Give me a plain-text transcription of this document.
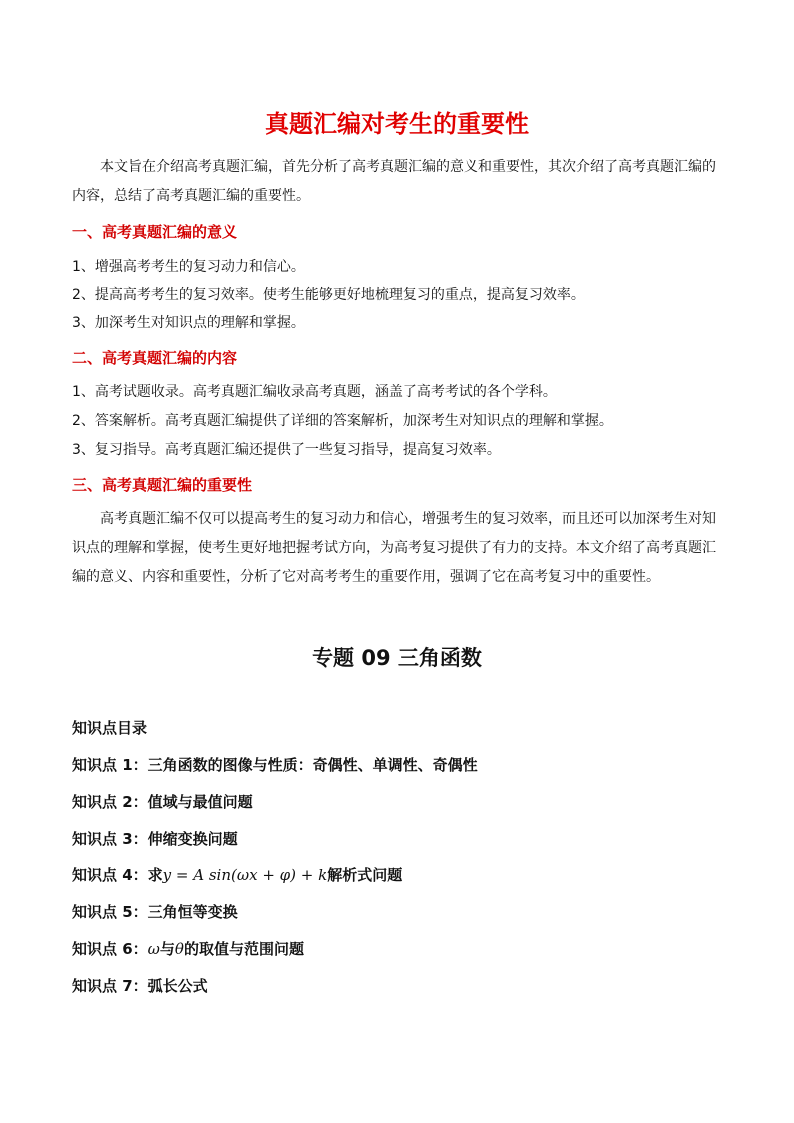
真题汇编对考生的重要性

本文旨在介绍高考真题汇编，首先分析了高考真题汇编的意义和重要性，其次介绍了高考真题汇编的内容，总结了高考真题汇编的重要性。

一、高考真题汇编的意义
1、增强高考考生的复习动力和信心。
2、提高高考考生的复习效率。使考生能够更好地梳理复习的重点，提高复习效率。
3、加深考生对知识点的理解和掌握。
二、高考真题汇编的内容
1、高考试题收录。高考真题汇编收录高考真题，涵盖了高考考试的各个学科。
2、答案解析。高考真题汇编提供了详细的答案解析，加深考生对知识点的理解和掌握。
3、复习指导。高考真题汇编还提供了一些复习指导，提高复习效率。
三、高考真题汇编的重要性

高考真题汇编不仅可以提高考生的复习动力和信心，增强考生的复习效率，而且还可以加深考生对知识点的理解和掌握，使考生更好地把握考试方向，为高考复习提供了有力的支持。本文介绍了高考真题汇编的意义、内容和重要性，分析了它对高考考生的重要作用，强调了它在高考复习中的重要性。

专题 09 三角函数
知识点目录
知识点 1：三角函数的图像与性质：奇偶性、单调性、奇偶性
知识点 2：值域与最值问题
知识点 3：伸缩变换问题
知识点 4：求y = A sin(ωx + φ) + k解析式问题
知识点 5：三角恒等变换
知识点 6：ω与θ的取值与范围问题
知识点 7：弧长公式
